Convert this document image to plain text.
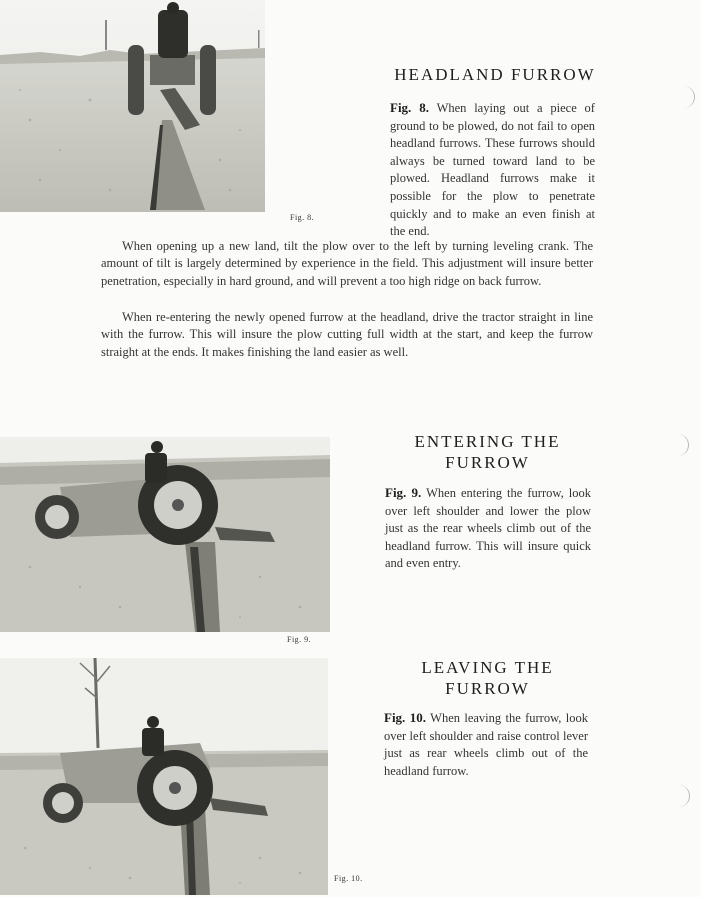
Fig. 8.
HEADLAND FURROW

Fig. 8. When laying out a piece of ground to be plowed, do not fail to open headland furrows. These furrows should always be turned toward land to be plowed. Headland furrows make it possible for the plow to penetrate quickly and to make an even finish at the end.

When opening up a new land, tilt the plow over to the left by turning leveling crank. The amount of tilt is largely determined by experience in the field. This adjustment will insure better penetration, especially in hard ground, and will prevent a too high ridge on back furrow.

When re-entering the newly opened furrow at the headland, drive the tractor straight in line with the furrow. This will insure the plow cutting full width at the start, and keep the furrow straight at the ends. It makes finishing the land easier as well.

Fig. 9.
ENTERING THE
FURROW

Fig. 9. When entering the furrow, look over left shoulder and lower the plow just as the rear wheels climb out of the headland furrow. This will insure quick and even entry.

Fig. 10.
LEAVING THE
FURROW

Fig. 10. When leaving the furrow, look over left shoulder and raise control lever just as rear wheels climb out of the headland furrow.
